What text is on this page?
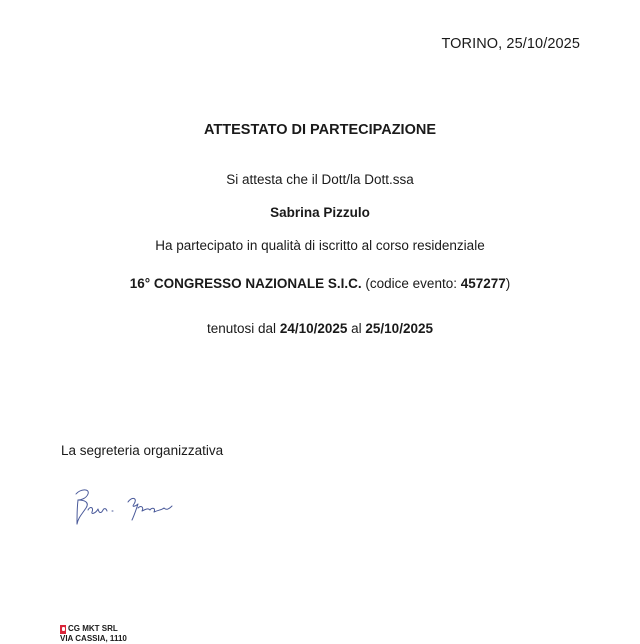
TORINO, 25/10/2025
ATTESTATO DI PARTECIPAZIONE
Si attesta che il Dott/la Dott.ssa
Sabrina Pizzulo
Ha partecipato in qualità di iscritto al corso residenziale
16° CONGRESSO NAZIONALE S.I.C. (codice evento: 457277)
tenutosi dal 24/10/2025 al 25/10/2025
La segreteria organizzativa
CG MKT SRL
VIA CASSIA, 1110
